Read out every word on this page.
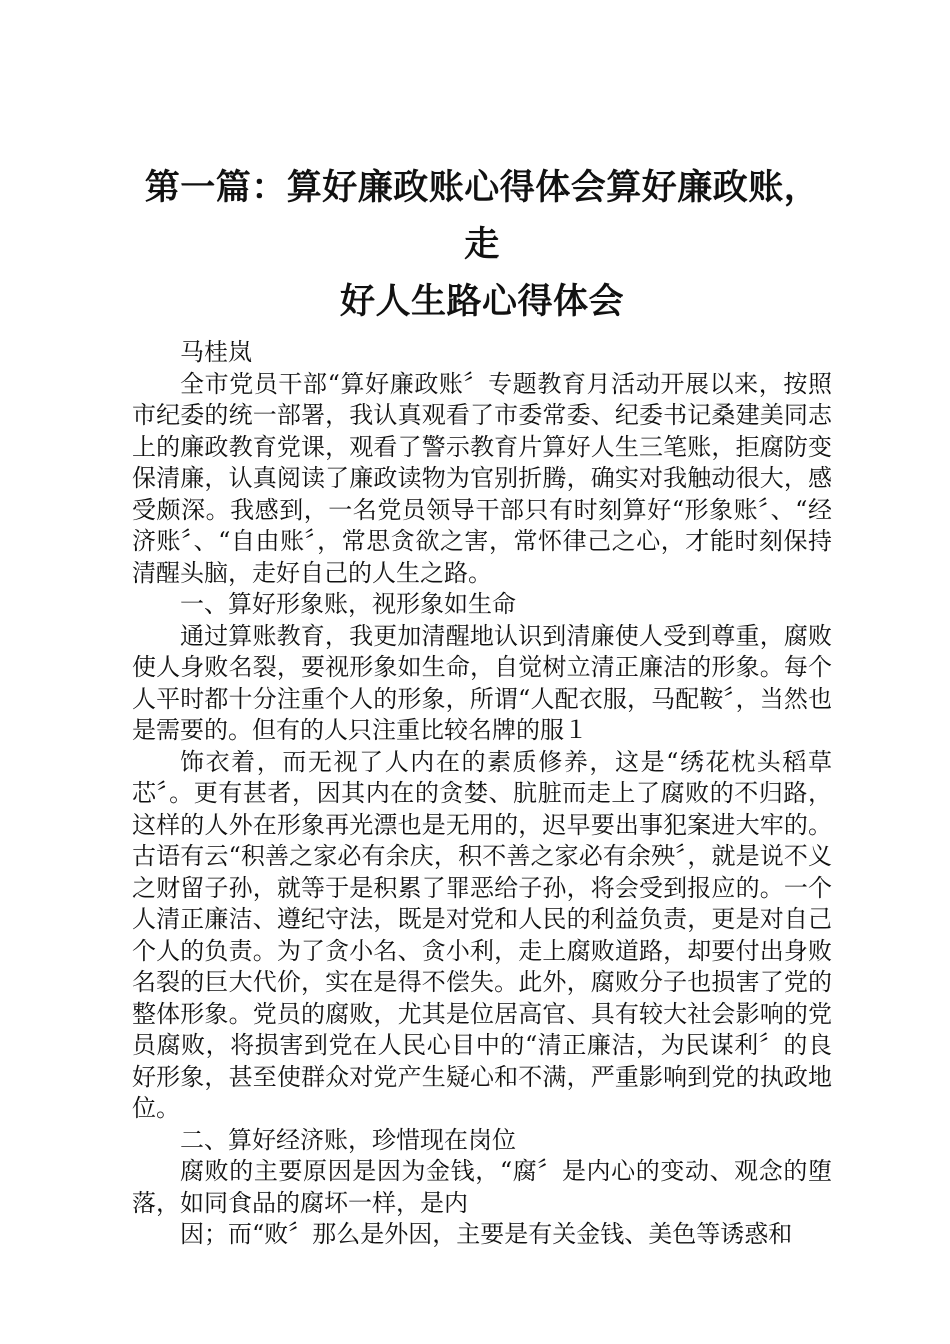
第一篇：算好廉政账心得体会算好廉政账，走
好人生路心得体会

马桂岚

全市党员干部“算好廉政账〞专题教育月活动开展以来，按照市纪委的统一部署，我认真观看了市委常委、纪委书记桑建美同志上的廉政教育党课，观看了警示教育片算好人生三笔账，拒腐防变保清廉，认真阅读了廉政读物为官别折腾，确实对我触动很大，感受颇深。我感到，一名党员领导干部只有时刻算好“形象账〞、“经济账〞、“自由账〞，常思贪欲之害，常怀律己之心，才能时刻保持清醒头脑，走好自己的人生之路。

一、算好形象账，视形象如生命

通过算账教育，我更加清醒地认识到清廉使人受到尊重，腐败使人身败名裂，要视形象如生命，自觉树立清正廉洁的形象。每个人平时都十分注重个人的形象，所谓“人配衣服，马配鞍〞，当然也是需要的。但有的人只注重比较名牌的服１

饰衣着，而无视了人内在的素质修养，这是“绣花枕头稻草芯〞。更有甚者，因其内在的贪婪、肮脏而走上了腐败的不归路，这样的人外在形象再光漂也是无用的，迟早要出事犯案进大牢的。古语有云“积善之家必有余庆，积不善之家必有余殃〞，就是说不义之财留子孙，就等于是积累了罪恶给子孙，将会受到报应的。一个人清正廉洁、遵纪守法，既是对党和人民的利益负责，更是对自己个人的负责。为了贪小名、贪小利，走上腐败道路，却要付出身败名裂的巨大代价，实在是得不偿失。此外，腐败分子也损害了党的整体形象。党员的腐败，尤其是位居高官、具有较大社会影响的党员腐败，将损害到党在人民心目中的“清正廉洁，为民谋利〞的良好形象，甚至使群众对党产生疑心和不满，严重影响到党的执政地位。

二、算好经济账，珍惜现在岗位

腐败的主要原因是因为金钱，“腐〞是内心的变动、观念的堕落，如同食品的腐坏一样，是内

因；而“败〞那么是外因，主要是有关金钱、美色等诱惑和
